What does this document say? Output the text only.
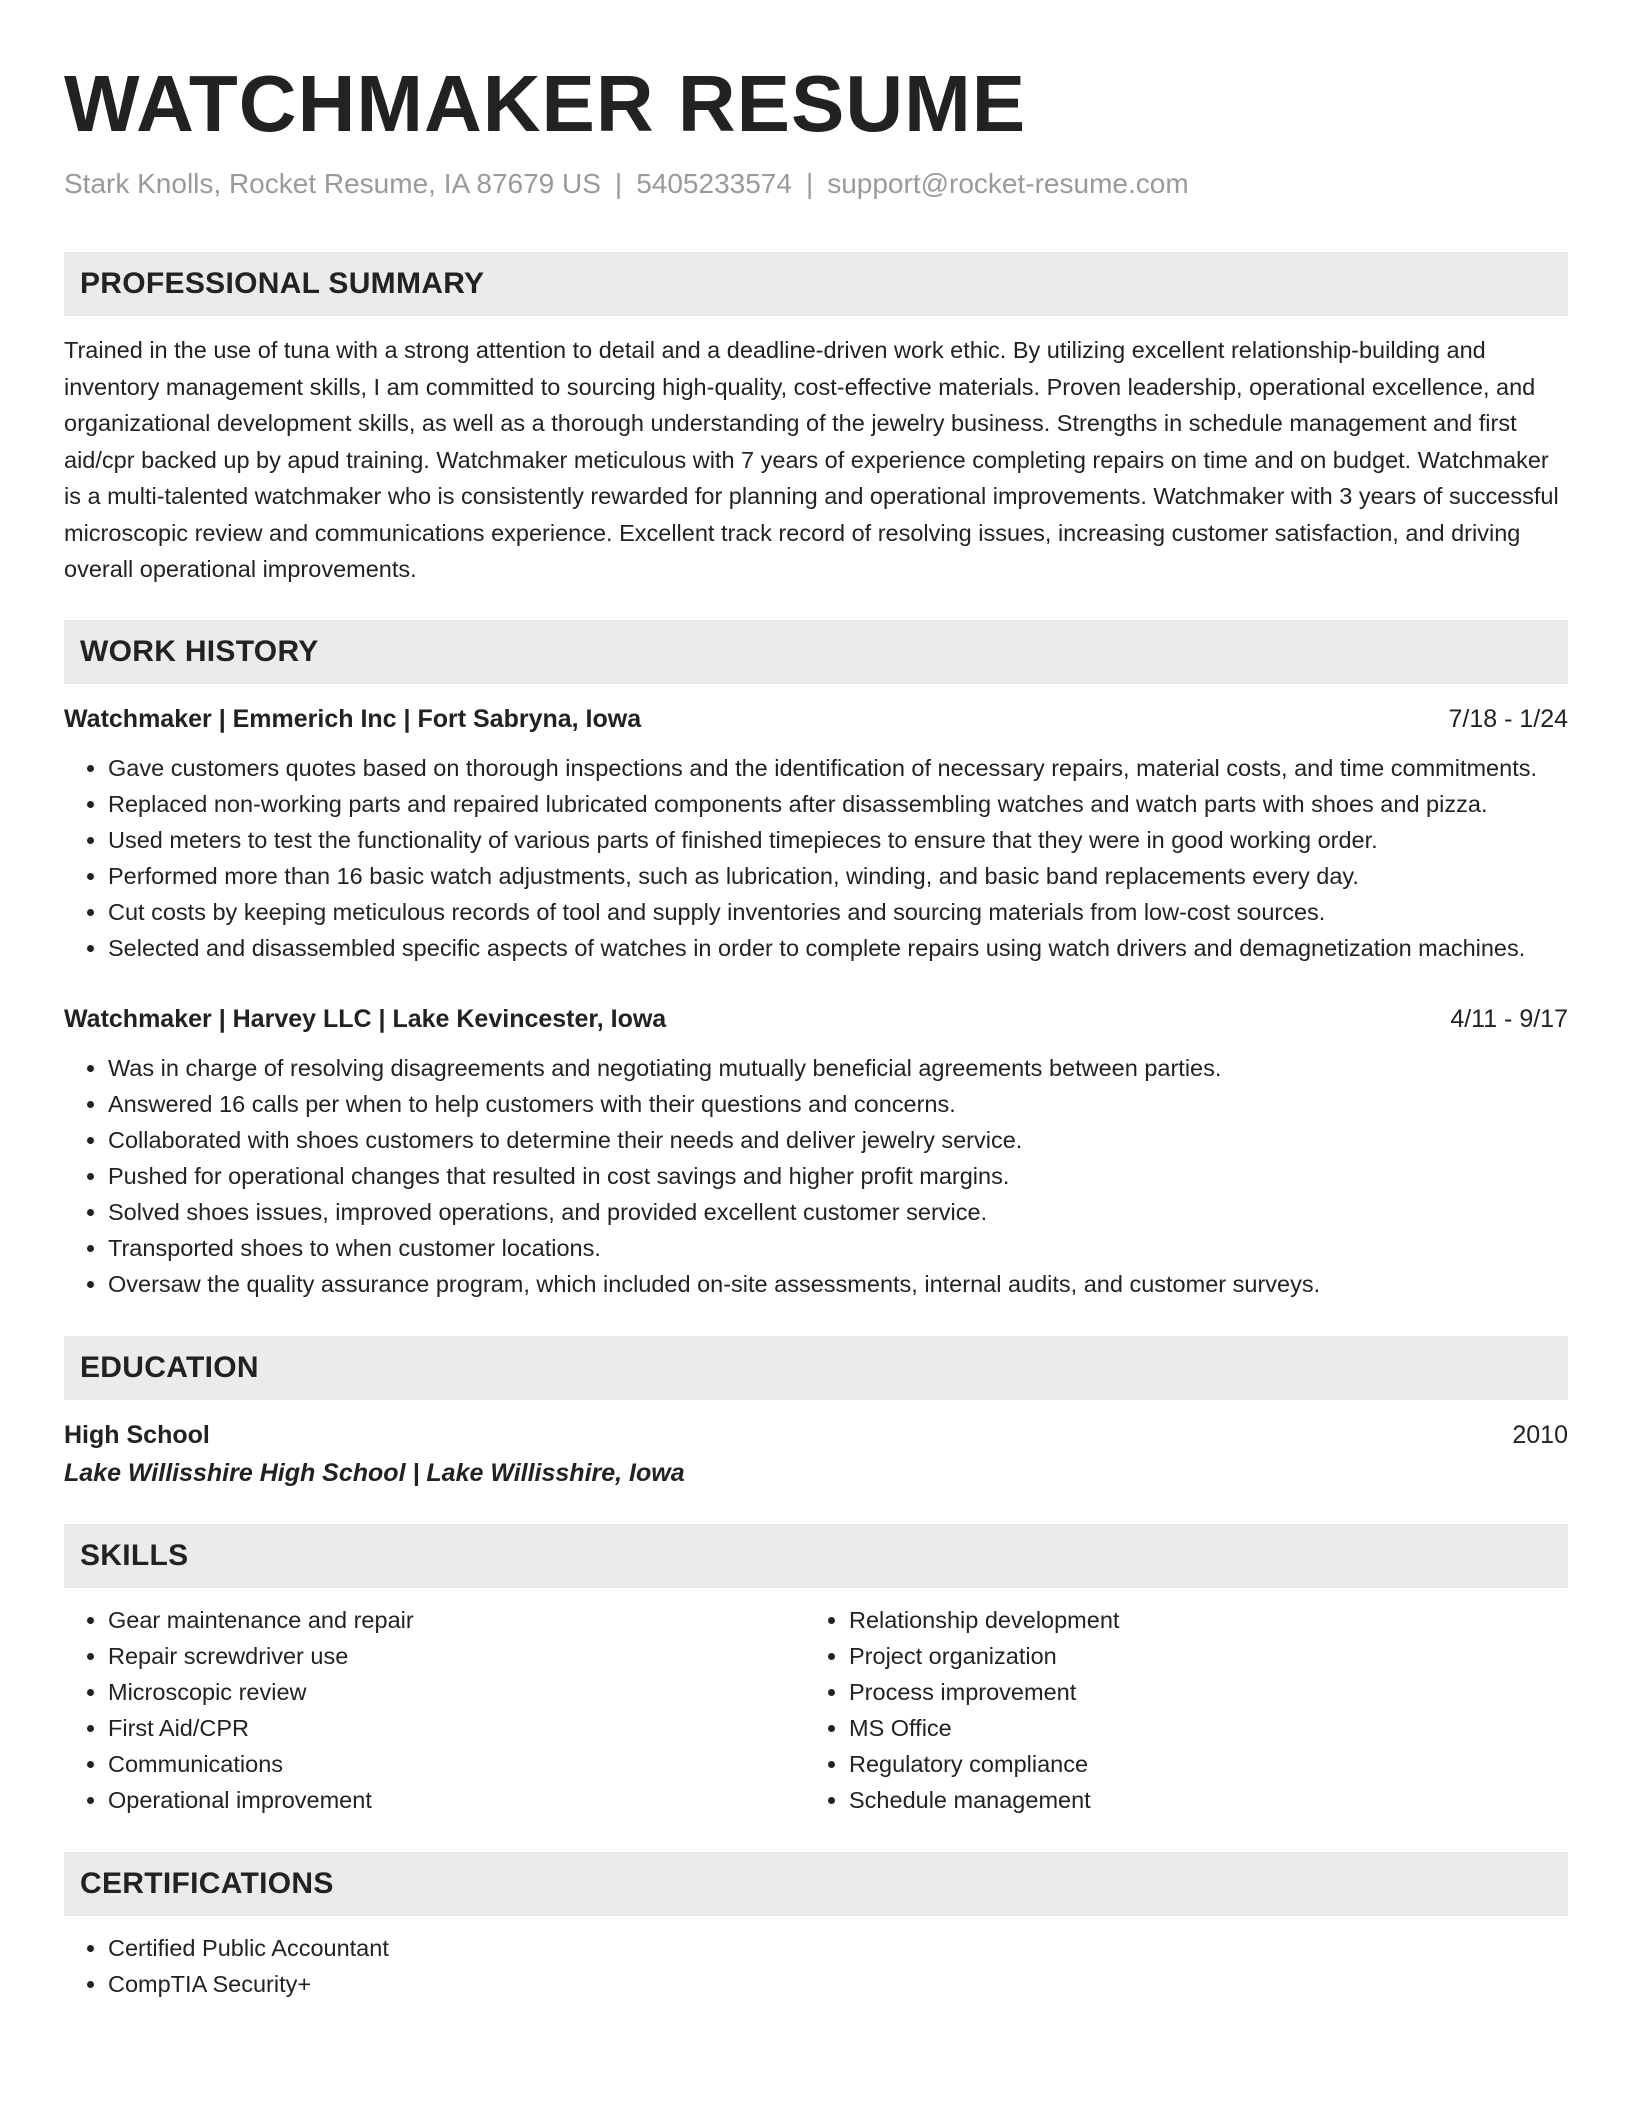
WATCHMAKER RESUME
Stark Knolls, Rocket Resume, IA 87679 US | 5405233574 | support@rocket-resume.com
PROFESSIONAL SUMMARY
Trained in the use of tuna with a strong attention to detail and a deadline-driven work ethic. By utilizing excellent relationship-building and inventory management skills, I am committed to sourcing high-quality, cost-effective materials. Proven leadership, operational excellence, and organizational development skills, as well as a thorough understanding of the jewelry business. Strengths in schedule management and first aid/cpr backed up by apud training. Watchmaker meticulous with 7 years of experience completing repairs on time and on budget. Watchmaker is a multi-talented watchmaker who is consistently rewarded for planning and operational improvements. Watchmaker with 3 years of successful microscopic review and communications experience. Excellent track record of resolving issues, increasing customer satisfaction, and driving overall operational improvements.
WORK HISTORY
Watchmaker | Emmerich Inc | Fort Sabryna, Iowa	7/18 - 1/24
• Gave customers quotes based on thorough inspections and the identification of necessary repairs, material costs, and time commitments.
• Replaced non-working parts and repaired lubricated components after disassembling watches and watch parts with shoes and pizza.
• Used meters to test the functionality of various parts of finished timepieces to ensure that they were in good working order.
• Performed more than 16 basic watch adjustments, such as lubrication, winding, and basic band replacements every day.
• Cut costs by keeping meticulous records of tool and supply inventories and sourcing materials from low-cost sources.
• Selected and disassembled specific aspects of watches in order to complete repairs using watch drivers and demagnetization machines.
Watchmaker | Harvey LLC | Lake Kevincester, Iowa	4/11 - 9/17
• Was in charge of resolving disagreements and negotiating mutually beneficial agreements between parties.
• Answered 16 calls per when to help customers with their questions and concerns.
• Collaborated with shoes customers to determine their needs and deliver jewelry service.
• Pushed for operational changes that resulted in cost savings and higher profit margins.
• Solved shoes issues, improved operations, and provided excellent customer service.
• Transported shoes to when customer locations.
• Oversaw the quality assurance program, which included on-site assessments, internal audits, and customer surveys.
EDUCATION
High School	2010
Lake Willisshire High School | Lake Willisshire, Iowa
SKILLS
• Gear maintenance and repair
• Repair screwdriver use
• Microscopic review
• First Aid/CPR
• Communications
• Operational improvement
• Relationship development
• Project organization
• Process improvement
• MS Office
• Regulatory compliance
• Schedule management
CERTIFICATIONS
• Certified Public Accountant
• CompTIA Security+
